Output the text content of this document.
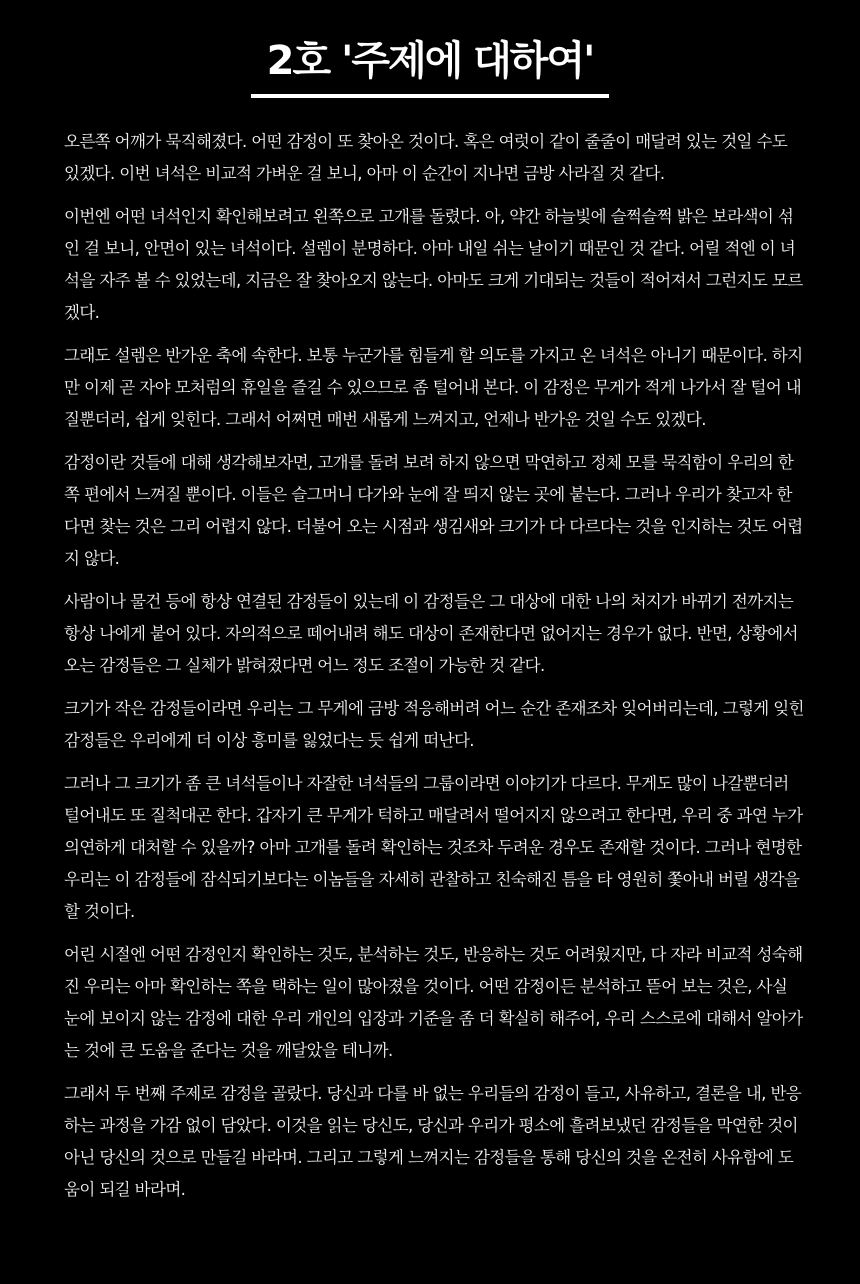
2호 '주제에 대하여'

오른쪽 어깨가 묵직해졌다. 어떤 감정이 또 찾아온 것이다. 혹은 여럿이 같이 줄줄이 매달려 있는 것일 수도 있겠다. 이번 녀석은 비교적 가벼운 걸 보니, 아마 이 순간이 지나면 금방 사라질 것 같다.

이번엔 어떤 녀석인지 확인해보려고 왼쪽으로 고개를 돌렸다. 아, 약간 하늘빛에 슬쩍슬쩍 밝은 보라색이 섞인 걸 보니, 안면이 있는 녀석이다. 설렘이 분명하다. 아마 내일 쉬는 날이기 때문인 것 같다. 어릴 적엔 이 녀석을 자주 볼 수 있었는데, 지금은 잘 찾아오지 않는다. 아마도 크게 기대되는 것들이 적어져서 그런지도 모르겠다.

그래도 설렘은 반가운 축에 속한다. 보통 누군가를 힘들게 할 의도를 가지고 온 녀석은 아니기 때문이다. 하지만 이제 곧 자야 모처럼의 휴일을 즐길 수 있으므로 좀 털어내 본다. 이 감정은 무게가 적게 나가서 잘 털어 내질뿐더러, 쉽게 잊힌다. 그래서 어쩌면 매번 새롭게 느껴지고, 언제나 반가운 것일 수도 있겠다.

감정이란 것들에 대해 생각해보자면, 고개를 돌려 보려 하지 않으면 막연하고 정체 모를 묵직함이 우리의 한쪽 편에서 느껴질 뿐이다. 이들은 슬그머니 다가와 눈에 잘 띄지 않는 곳에 붙는다. 그러나 우리가 찾고자 한다면 찾는 것은 그리 어렵지 않다. 더불어 오는 시점과 생김새와 크기가 다 다르다는 것을 인지하는 것도 어렵지 않다.

사람이나 물건 등에 항상 연결된 감정들이 있는데 이 감정들은 그 대상에 대한 나의 처지가 바뀌기 전까지는 항상 나에게 붙어 있다. 자의적으로 떼어내려 해도 대상이 존재한다면 없어지는 경우가 없다. 반면, 상황에서 오는 감정들은 그 실체가 밝혀졌다면 어느 정도 조절이 가능한 것 같다.

크기가 작은 감정들이라면 우리는 그 무게에 금방 적응해버려 어느 순간 존재조차 잊어버리는데, 그렇게 잊힌 감정들은 우리에게 더 이상 흥미를 잃었다는 듯 쉽게 떠난다.

그러나 그 크기가 좀 큰 녀석들이나 자잘한 녀석들의 그룹이라면 이야기가 다르다. 무게도 많이 나갈뿐더러 털어내도 또 질척대곤 한다. 갑자기 큰 무게가 턱하고 매달려서 떨어지지 않으려고 한다면, 우리 중 과연 누가 의연하게 대처할 수 있을까? 아마 고개를 돌려 확인하는 것조차 두려운 경우도 존재할 것이다. 그러나 현명한 우리는 이 감정들에 잠식되기보다는 이놈들을 자세히 관찰하고 친숙해진 틈을 타 영원히 쫓아내 버릴 생각을 할 것이다.

어린 시절엔 어떤 감정인지 확인하는 것도, 분석하는 것도, 반응하는 것도 어려웠지만, 다 자라 비교적 성숙해진 우리는 아마 확인하는 쪽을 택하는 일이 많아졌을 것이다. 어떤 감정이든 분석하고 뜯어 보는 것은, 사실 눈에 보이지 않는 감정에 대한 우리 개인의 입장과 기준을 좀 더 확실히 해주어, 우리 스스로에 대해서 알아가는 것에 큰 도움을 준다는 것을 깨달았을 테니까.

그래서 두 번째 주제로 감정을 골랐다. 당신과 다를 바 없는 우리들의 감정이 들고, 사유하고, 결론을 내, 반응하는 과정을 가감 없이 담았다. 이것을 읽는 당신도, 당신과 우리가 평소에 흘려보냈던 감정들을 막연한 것이 아닌 당신의 것으로 만들길 바라며. 그리고 그렇게 느껴지는 감정들을 통해 당신의 것을 온전히 사유함에 도움이 되길 바라며.
